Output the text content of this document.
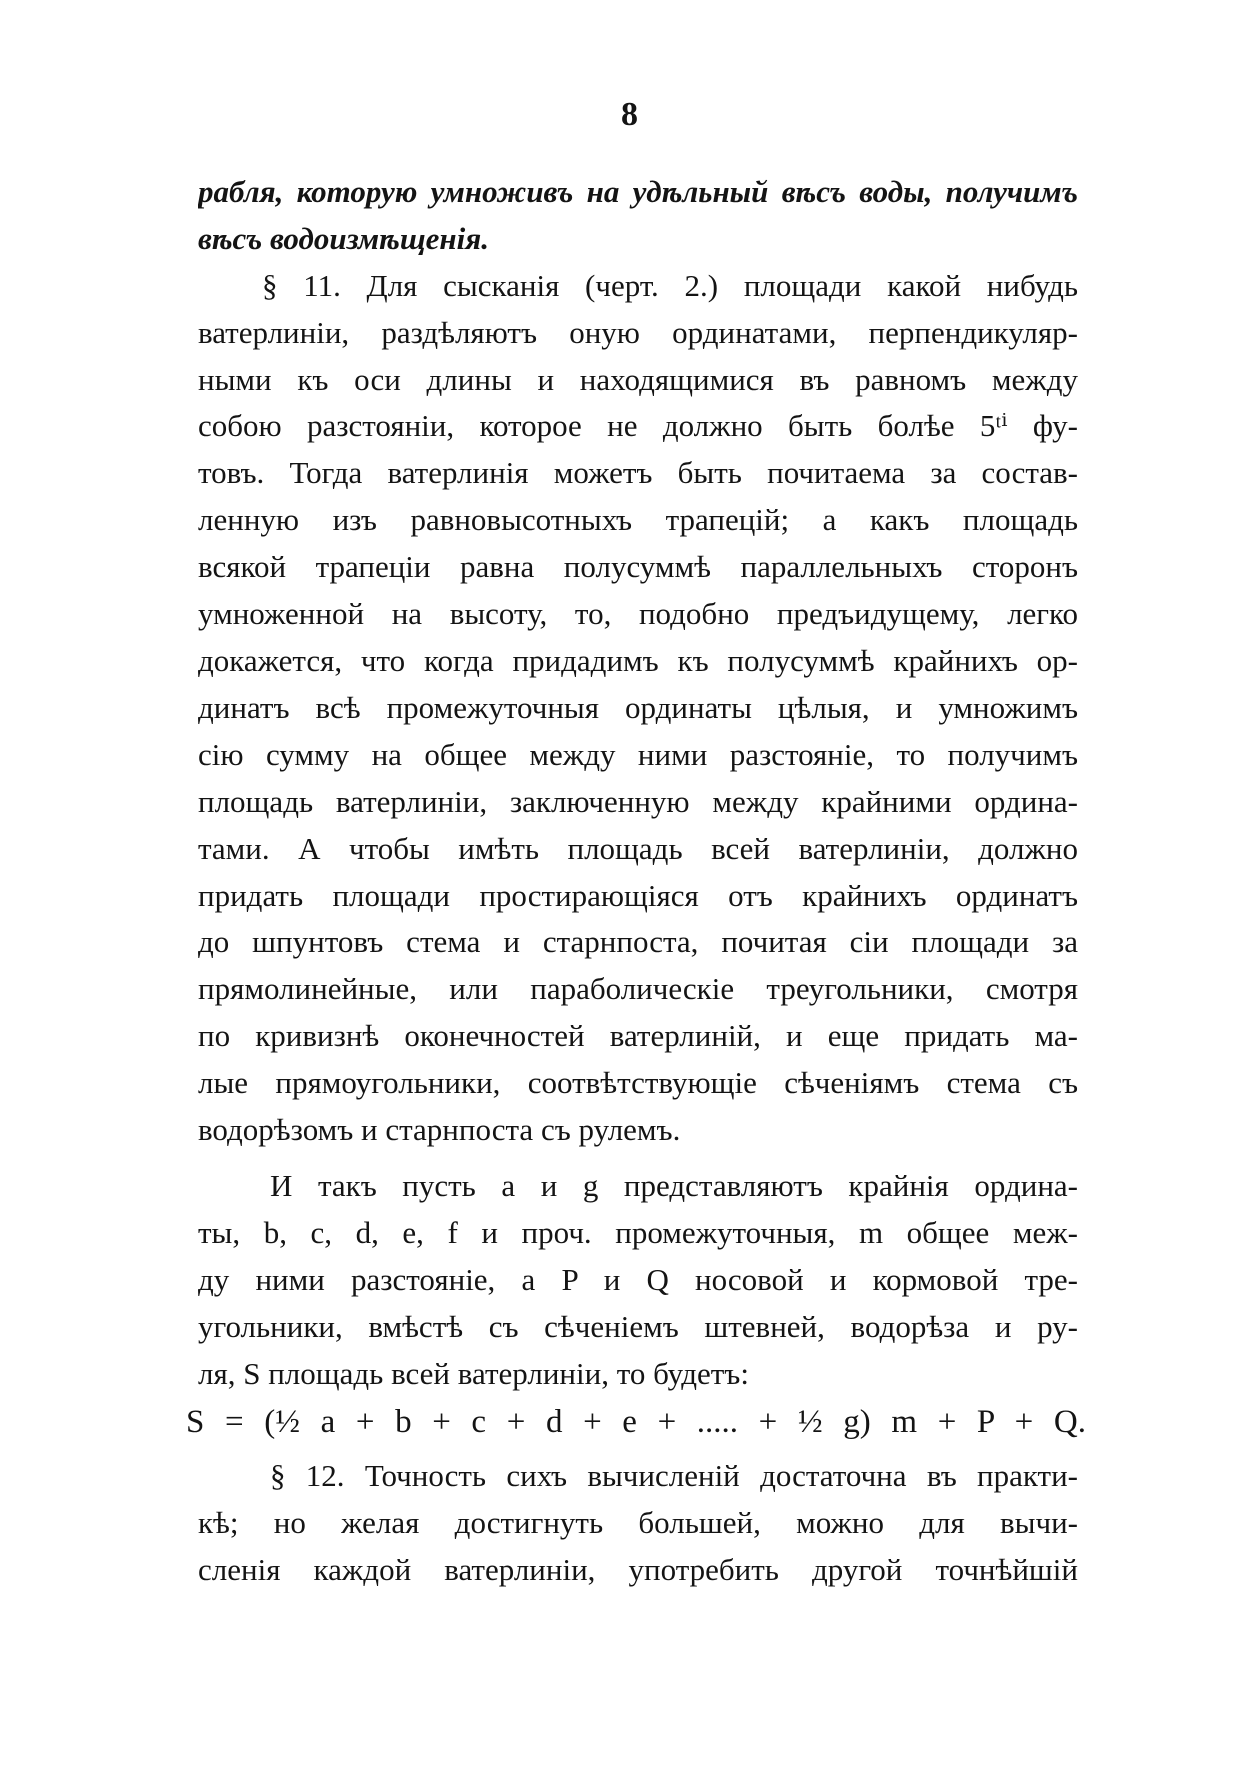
8
рабля, которую умноживъ на удѣльный вѣсъ воды, получимъ
вѣсъ водоизмѣщенія.
§ 11. Для сысканія (черт. 2.) площади какой нибудь
ватерлиніи, раздѣляютъ оную ординатами, перпендикуляр-
ными къ оси длины и находящимися въ равномъ между
собою разстояніи, которое не должно быть болѣе 5ᵗⁱ фу-
товъ. Тогда ватерлинія можетъ быть почитаема за состав-
ленную изъ равновысотныхъ трапецій; а какъ площадь
всякой трапеціи равна полусуммѣ параллельныхъ сторонъ
умноженной на высоту, то, подобно предъидущему, легко
докажется, что когда придадимъ къ полусуммѣ крайнихъ ор-
динатъ всѣ промежуточныя ординаты цѣлыя, и умножимъ
сію сумму на общее между ними разстояніе, то получимъ
площадь ватерлиніи, заключенную между крайними ордина-
тами. А чтобы имѣть площадь всей ватерлиніи, должно
придать площади простирающіяся отъ крайнихъ ординатъ
до шпунтовъ стема и старнпоста, почитая сіи площади за
прямолинейные, или параболическіе треугольники, смотря
по кривизнѣ оконечностей ватерлиній, и еще придать ма-
лые прямоугольники, соотвѣтствующіе сѣченіямъ стема съ
водорѣзомъ и старнпоста съ рулемъ.
И такъ пусть a и g представляютъ крайнія ордина-
ты, b, c, d, e, f и проч. промежуточныя, m общее меж-
ду ними разстояніе, а P и Q носовой и кормовой тре-
угольники, вмѣстѣ съ сѣченіемъ штевней, водорѣза и ру-
ля, S площадь всей ватерлиніи, то будетъ:
S = (½ a + b + c + d + e + ..... + ½ g) m + P + Q.
§ 12. Точность сихъ вычисленій достаточна въ практи-
кѣ; но желая достигнуть большей, можно для вычи-
сленія каждой ватерлиніи, употребить другой точнѣйшій
